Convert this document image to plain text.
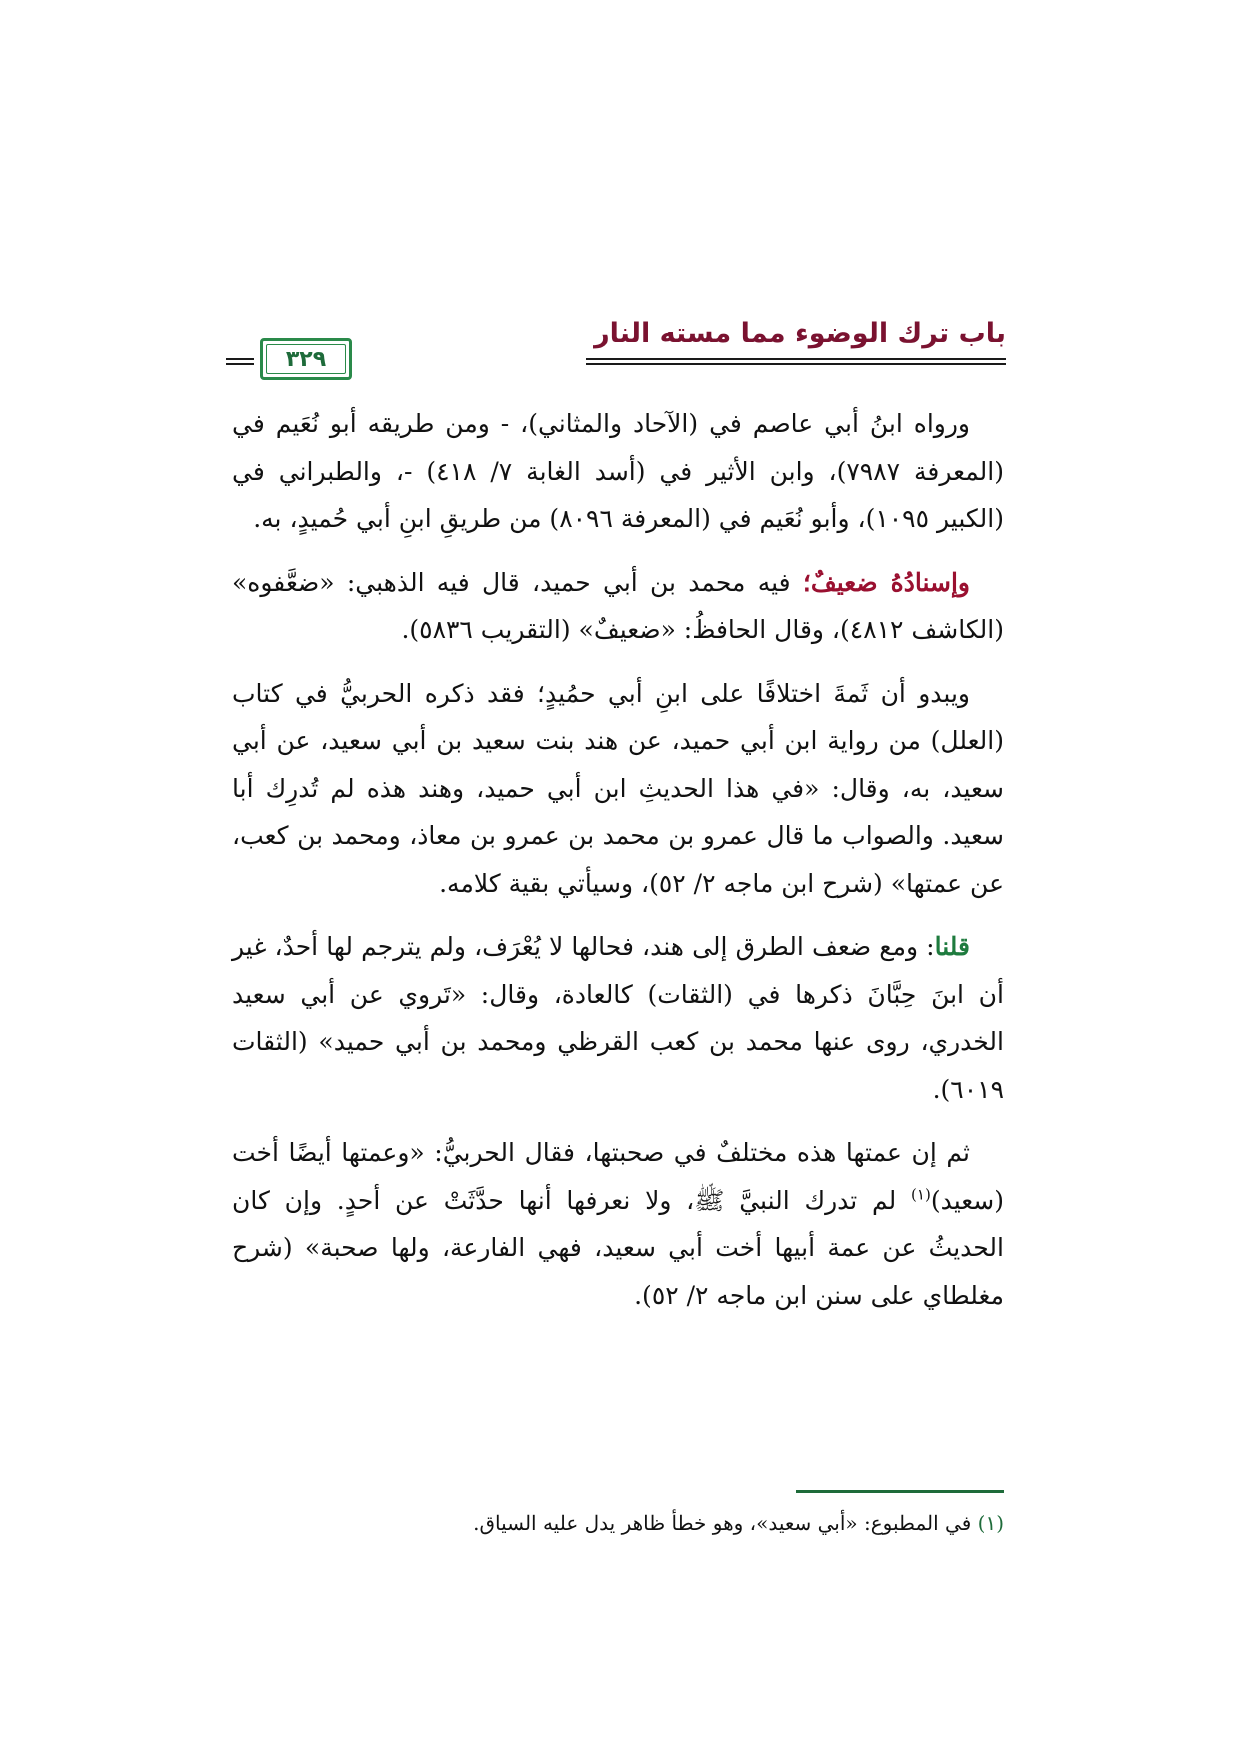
باب ترك الوضوء مما مسته النار
٣٢٩

ورواه ابنُ أبي عاصم في (الآحاد والمثاني)، - ومن طريقه أبو نُعَيم في (المعرفة ٧٩٨٧)، وابن الأثير في (أسد الغابة ٧/ ٤١٨) -، والطبراني في (الكبير ١٠٩٥)، وأبو نُعَيم في (المعرفة ٨٠٩٦) من طريقِ ابنِ أبي حُميدٍ، به.

وإسنادُهُ ضعيفٌ؛ فيه محمد بن أبي حميد، قال فيه الذهبي: «ضعَّفوه» (الكاشف ٤٨١٢)، وقال الحافظُ: «ضعيفٌ» (التقريب ٥٨٣٦).

ويبدو أن ثَمةَ اختلافًا على ابنِ أبي حمُيدٍ؛ فقد ذكره الحربيُّ في كتاب (العلل) من رواية ابن أبي حميد، عن هند بنت سعيد بن أبي سعيد، عن أبي سعيد، به، وقال: «في هذا الحديثِ ابن أبي حميد، وهند هذه لم تُدرِك أبا سعيد. والصواب ما قال عمرو بن محمد بن عمرو بن معاذ، ومحمد بن كعب، عن عمتها» (شرح ابن ماجه ٢/ ٥٢)، وسيأتي بقية كلامه.

قلنا: ومع ضعف الطرق إلى هند، فحالها لا يُعْرَف، ولم يترجم لها أحدٌ، غير أن ابنَ حِبَّانَ ذكرها في (الثقات) كالعادة، وقال: «تَروي عن أبي سعيد الخدري، روى عنها محمد بن كعب القرظي ومحمد بن أبي حميد» (الثقات ٦٠١٩).

ثم إن عمتها هذه مختلفٌ في صحبتها، فقال الحربيُّ: «وعمتها أيضًا أخت (سعيد)$^{(١)}$ لم تدرك النبيَّ ﷺ، ولا نعرفها أنها حدَّثَتْ عن أحدٍ. وإن كان الحديثُ عن عمة أبيها أخت أبي سعيد، فهي الفارعة، ولها صحبة» (شرح مغلطاي على سنن ابن ماجه ٢/ ٥٢).

(١) في المطبوع: «أبي سعيد»، وهو خطأ ظاهر يدل عليه السياق.
